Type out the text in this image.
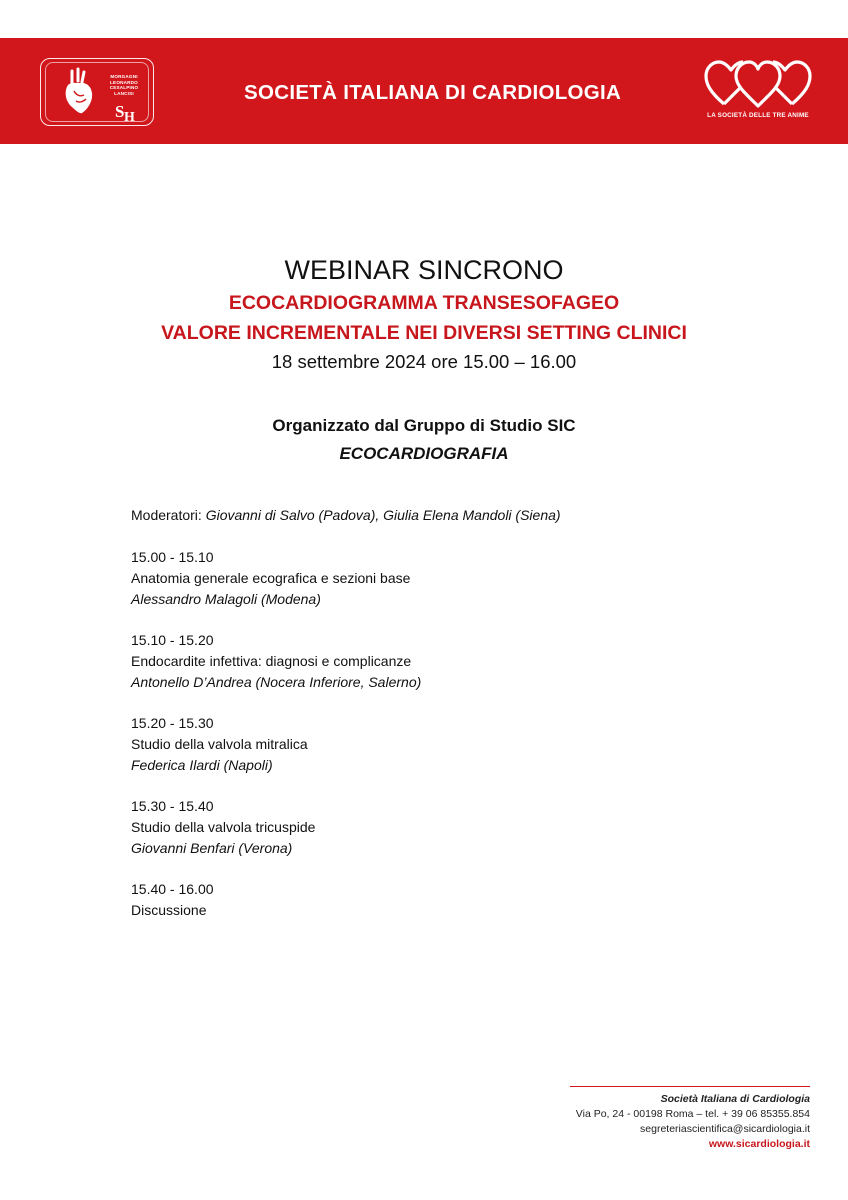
MORGAGNI
LEONARDO
CESALPINO
LANCISI
S H
SOCIETÀ ITALIANA DI CARDIOLOGIA
LA SOCIETÀ DELLE TRE ANIME
WEBINAR SINCRONO
ECOCARDIOGRAMMA TRANSESOFAGEO
VALORE INCREMENTALE NEI DIVERSI SETTING CLINICI
18 settembre 2024 ore 15.00 – 16.00
Organizzato dal Gruppo di Studio SIC
ECOCARDIOGRAFIA
Moderatori: Giovanni di Salvo (Padova), Giulia Elena Mandoli (Siena)
15.00 - 15.10
Anatomia generale ecografica e sezioni base
Alessandro Malagoli (Modena)
15.10 - 15.20
Endocardite infettiva: diagnosi e complicanze
Antonello D’Andrea (Nocera Inferiore, Salerno)
15.20 - 15.30
Studio della valvola mitralica
Federica Ilardi (Napoli)
15.30 - 15.40
Studio della valvola tricuspide
Giovanni Benfari (Verona)
15.40 - 16.00
Discussione
Società Italiana di Cardiologia
Via Po, 24 - 00198 Roma – tel. + 39 06 85355.854
segreteriascientifica@sicardiologia.it
www.sicardiologia.it
